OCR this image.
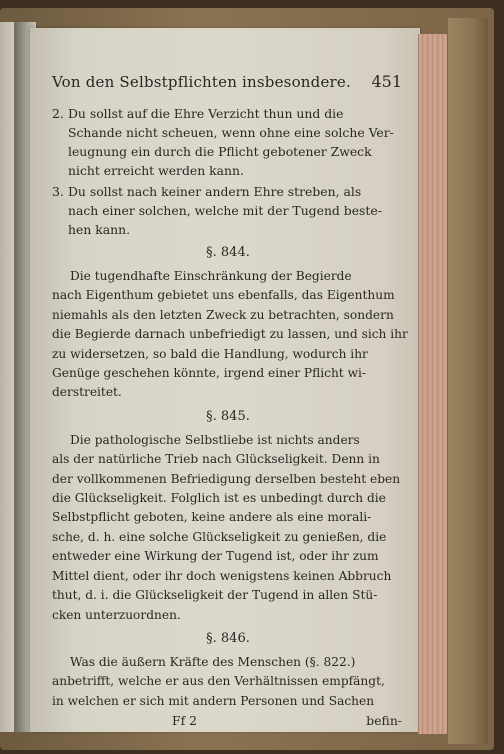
Von den Selbstpflichten insbesondere. 451
2. Du sollst auf die Ehre Verzicht thun und die
Schande nicht scheuen, wenn ohne eine solche Ver-
leugnung ein durch die Pflicht gebotener Zweck
nicht erreicht werden kann.
3. Du sollst nach keiner andern Ehre streben, als
nach einer solchen, welche mit der Tugend beste-
hen kann.
§. 844.
Die tugendhafte Einschränkung der Begierde
nach Eigenthum gebietet uns ebenfalls, das Eigenthum
niemahls als den letzten Zweck zu betrachten, sondern
die Begierde darnach unbefriedigt zu lassen, und sich ihr
zu widersetzen, so bald die Handlung, wodurch ihr
Genüge geschehen könnte, irgend einer Pflicht wi-
derstreitet.
§. 845.
Die pathologische Selbstliebe ist nichts anders
als der natürliche Trieb nach Glückseligkeit. Denn in
der vollkommenen Befriedigung derselben besteht eben
die Glückseligkeit. Folglich ist es unbedingt durch die
Selbstpflicht geboten, keine andere als eine morali-
sche, d. h. eine solche Glückseligkeit zu genießen, die
entweder eine Wirkung der Tugend ist, oder ihr zum
Mittel dient, oder ihr doch wenigstens keinen Abbruch
thut, d. i. die Glückseligkeit der Tugend in allen Stü-
cken unterzuordnen.
§. 846.
Was die äußern Kräfte des Menschen (§. 822.)
anbetrifft, welche er aus den Verhältnissen empfängt,
in welchen er sich mit andern Personen und Sachen
Ff 2	befin-
